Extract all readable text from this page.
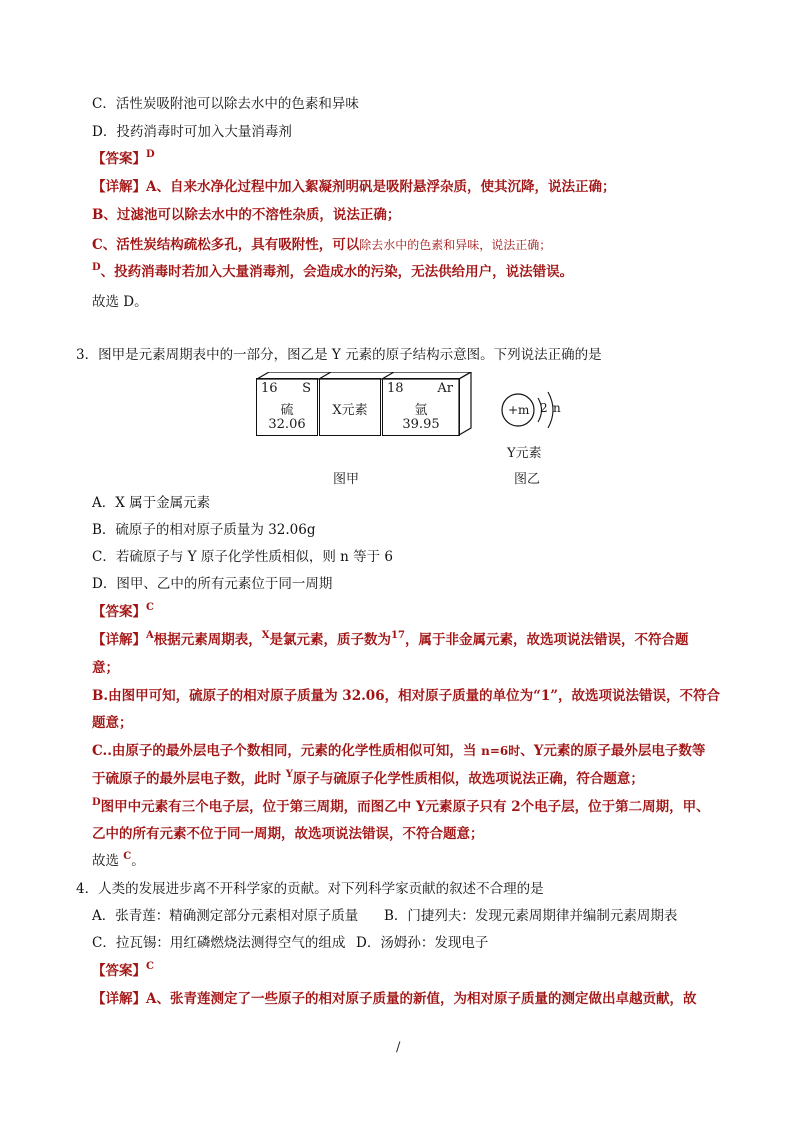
C．活性炭吸附池可以除去水中的色素和异味
D．投药消毒时可加入大量消毒剂
【答案】$^D$
【详解】A、自来水净化过程中加入絮凝剂明矾是吸附悬浮杂质，使其沉降，说法正确；
B、过滤池可以除去水中的不溶性杂质，说法正确；
C、活性炭结构疏松多孔，具有吸附性，可以除去水中的色素和异味，说法正确；
$^D$、投药消毒时若加入大量消毒剂，会造成水的污染，无法供给用户，说法错误。
故选 D。
3．图甲是元素周期表中的一部分，图乙是 Y 元素的原子结构示意图。下列说法正确的是
16 S
硫
32.06
X元素
18	Ar
氩
39.95
+m 2 n
Y元素
图甲	图乙
A．X 属于金属元素
B．硫原子的相对原子质量为 32.06g
C．若硫原子与 Y 原子化学性质相似，则 n 等于 6
D．图甲、乙中的所有元素位于同一周期
【答案】$^C$
【详解】$^A$根据元素周期表，$^X$是氯元素，质子数为$^{17}$，属于非金属元素，故选项说法错误，不符合题
意；
B.由图甲可知，硫原子的相对原子质量为 32.06，相对原子质量的单位为“1”，故选项说法错误，不符合
题意；
C..由原子的最外层电子个数相同，元素的化学性质相似可知，当 n=6时、Y元素的原子最外层电子数等
于硫原子的最外层电子数，此时 $^Y$原子与硫原子化学性质相似，故选项说法正确，符合题意；
$^D$图甲中元素有三个电子层，位于第三周期，而图乙中 Y元素原子只有 2个电子层，位于第二周期，甲、
乙中的所有元素不位于同一周期，故选项说法错误，不符合题意；
故选 $^C$。
4．人类的发展进步离不开科学家的贡献。对下列科学家贡献的叙述不合理的是
A．张青莲：精确测定部分元素相对原子质量 B．门捷列夫：发现元素周期律并编制元素周期表
C．拉瓦锡：用红磷燃烧法测得空气的组成 D．汤姆孙：发现电子
【答案】$^C$
【详解】A、张青莲测定了一些原子的相对原子质量的新值，为相对原子质量的测定做出卓越贡献，故
/
